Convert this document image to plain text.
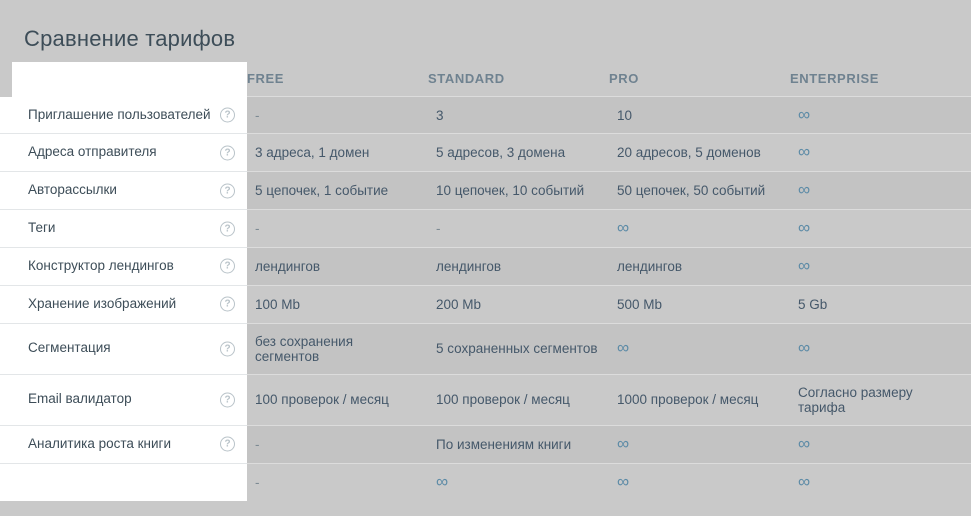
Сравнение тарифов
	FREE	STANDARD	PRO	ENTERPRISE

Приглашение пользователей ?	-	3	10	∞

Адреса отправителя ?	3 адреса, 1 домен	5 адресов, 3 домена	20 адресов, 5 доменов	∞

Авторассылки ?	5 цепочек, 1 событие	10 цепочек, 10 событий	50 цепочек, 50 событий	∞

Теги ?	-	-	∞	∞

Конструктор лендингов ?	лендингов	лендингов	лендингов	∞

Хранение изображений ?	100 Mb	200 Mb	500 Mb	5 Gb

Сегментация ?	без сохранения сегментов	5 сохраненных сегментов	∞	∞

Email валидатор ?	100 проверок / месяц	100 проверок / месяц	1000 проверок / месяц	Согласно размеру тарифа

Аналитика роста книги ?	-	По изменениям книги	∞	∞

	-	∞	∞	∞
